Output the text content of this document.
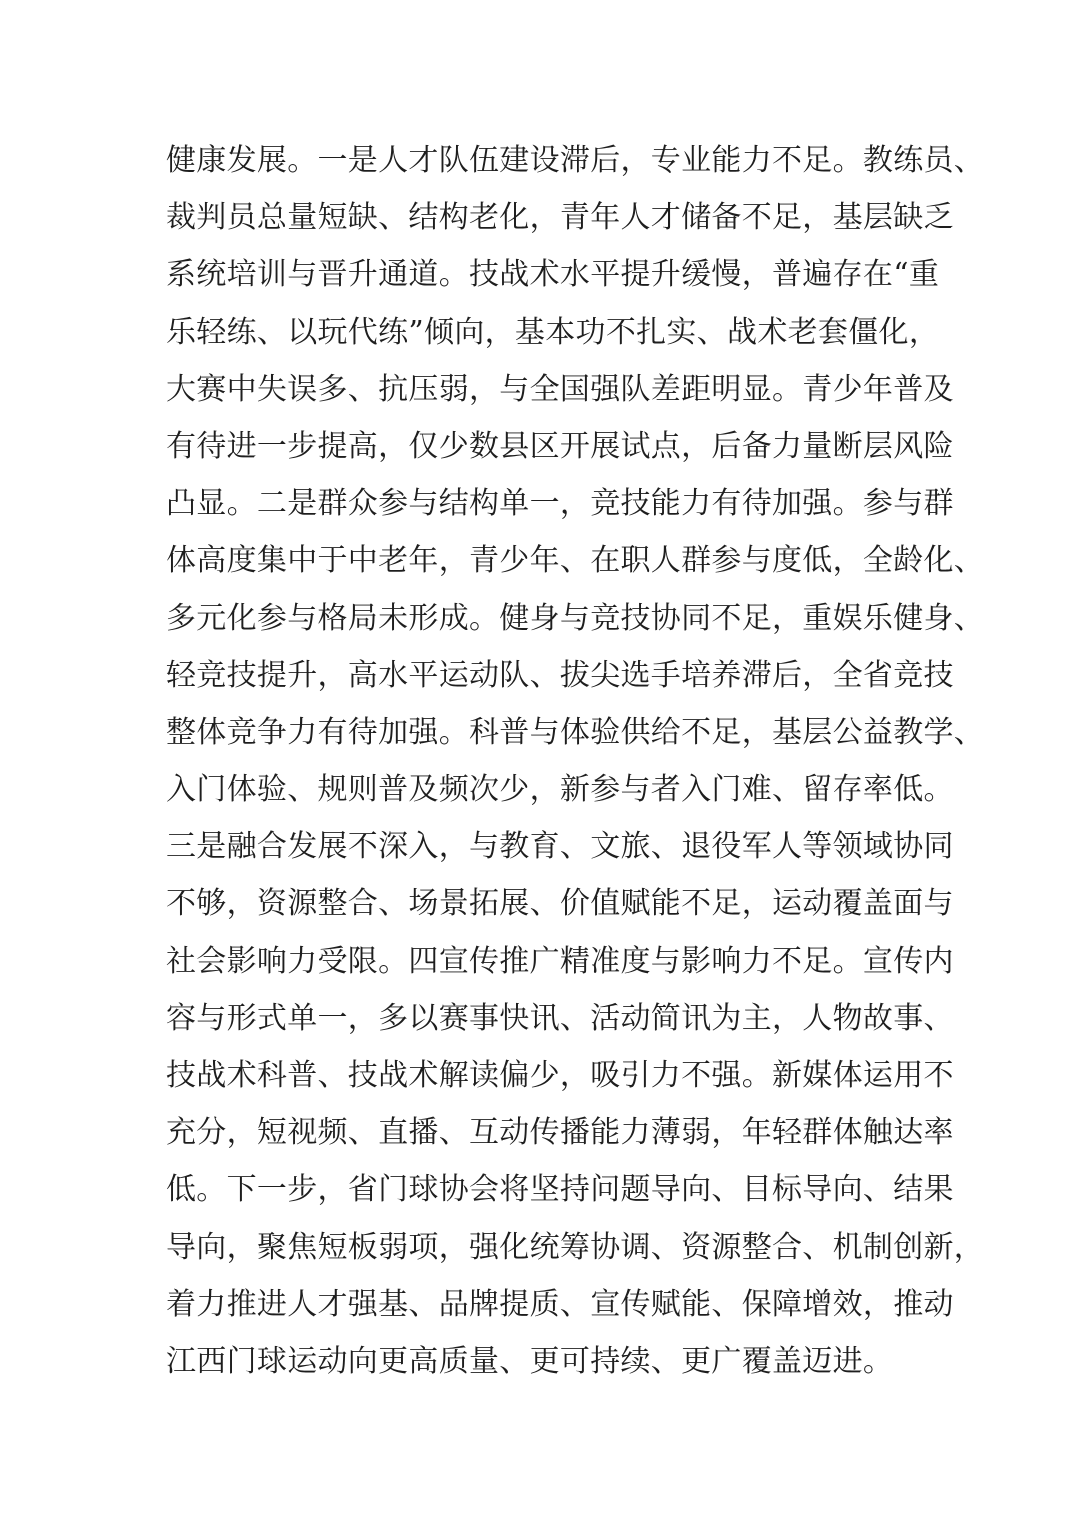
健康发展。一是人才队伍建设滞后，专业能力不足。教练员、
裁判员总量短缺、结构老化，青年人才储备不足，基层缺乏
系统培训与晋升通道。技战术水平提升缓慢，普遍存在“重
乐轻练、以玩代练”倾向，基本功不扎实、战术老套僵化，
大赛中失误多、抗压弱，与全国强队差距明显。青少年普及
有待进一步提高，仅少数县区开展试点，后备力量断层风险
凸显。二是群众参与结构单一，竞技能力有待加强。参与群
体高度集中于中老年，青少年、在职人群参与度低，全龄化、
多元化参与格局未形成。健身与竞技协同不足，重娱乐健身、
轻竞技提升，高水平运动队、拔尖选手培养滞后，全省竞技
整体竞争力有待加强。科普与体验供给不足，基层公益教学、
入门体验、规则普及频次少，新参与者入门难、留存率低。
三是融合发展不深入，与教育、文旅、退役军人等领域协同
不够，资源整合、场景拓展、价值赋能不足，运动覆盖面与
社会影响力受限。四宣传推广精准度与影响力不足。宣传内
容与形式单一，多以赛事快讯、活动简讯为主，人物故事、
技战术科普、技战术解读偏少，吸引力不强。新媒体运用不
充分，短视频、直播、互动传播能力薄弱，年轻群体触达率
低。下一步，省门球协会将坚持问题导向、目标导向、结果
导向，聚焦短板弱项，强化统筹协调、资源整合、机制创新，
着力推进人才强基、品牌提质、宣传赋能、保障增效，推动
江西门球运动向更高质量、更可持续、更广覆盖迈进。
